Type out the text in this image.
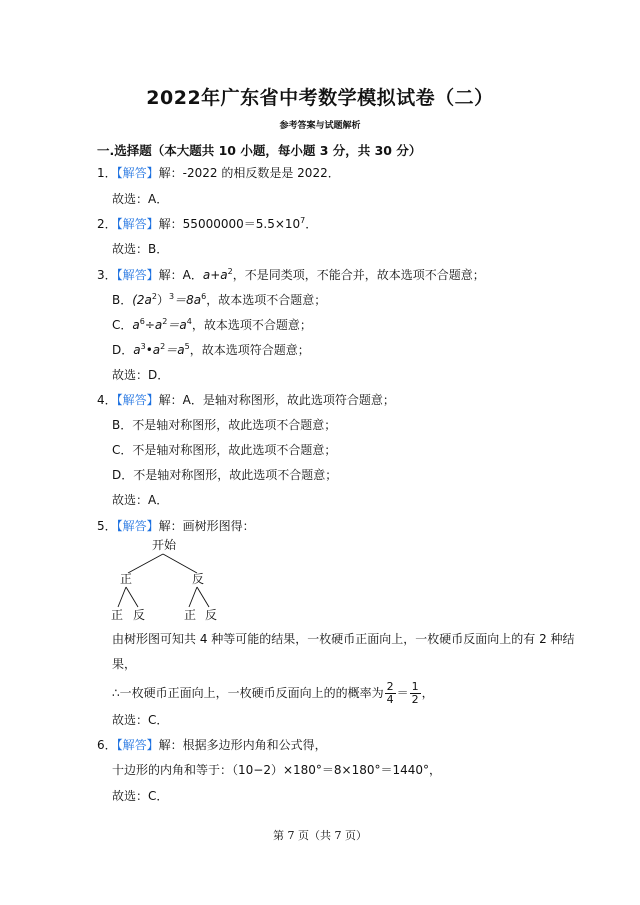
2022年广东省中考数学模拟试卷（二）
参考答案与试题解析
一.选择题（本大题共 10 小题，每小题 3 分，共 30 分）
1．【解答】解：-2022 的相反数是是 2022．
故选：A．
2．【解答】解：$55000000=5.5\times 10^7$．
故选：B．
3．【解答】解：A．$a+a^2$，不是同类项，不能合并，故本选项不合题意；
B．$(2a^2)^3=8a^6$，故本选项不合题意；
C．$a^6\div a^2=a^4$，故本选项不合题意；
D．$a^3•a^2=a^5$，故本选项符合题意；
故选：D．
4．【解答】解：A．是轴对称图形，故此选项符合题意；
B．不是轴对称图形，故此选项不合题意；
C．不是轴对称图形，故此选项不合题意；
D．不是轴对称图形，故此选项不合题意；
故选：A．
5．【解答】解：画树形图得：
开始
正	反
正 反	正 反
由树形图可知共 4 种等可能的结果，一枚硬币正面向上，一枚硬币反面向上的有 2 种结
果，
∴一枚硬币正面向上，一枚硬币反面向上的的概率为 $\frac{2}{4} = \frac{1}{2}$ ，
故选：C．
6．【解答】解：根据多边形内角和公式得，
十边形的内角和等于：（10−2）×180°＝8×180°＝1440°，
故选：C．
第 7 页（共 7 页）
